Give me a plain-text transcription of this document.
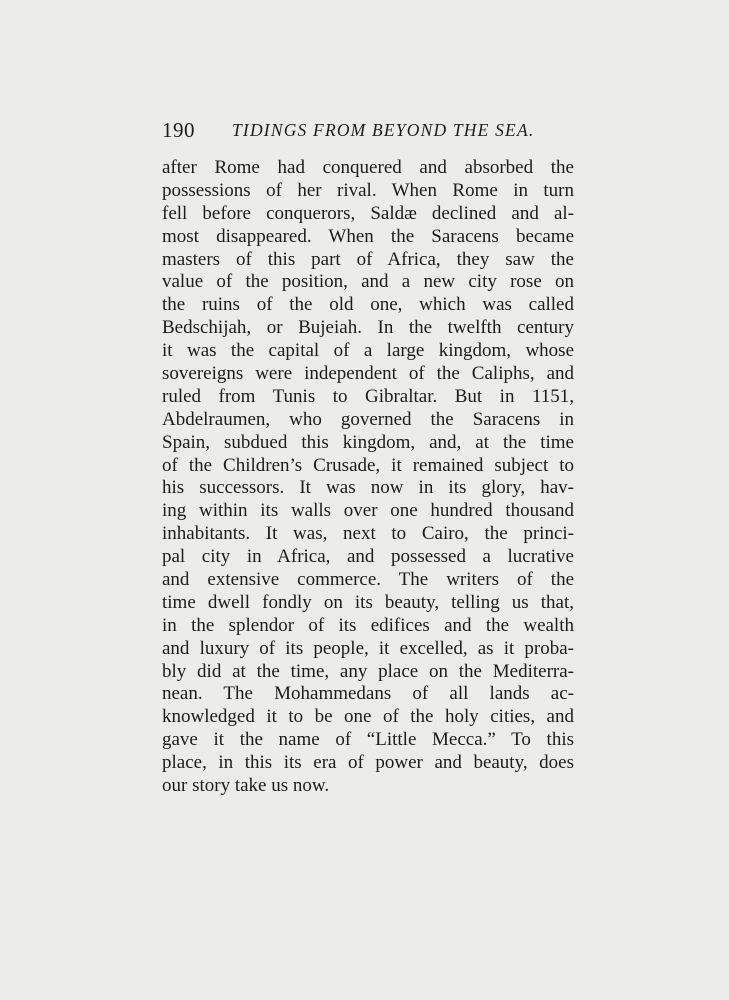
190 TIDINGS FROM BEYOND THE SEA.
after Rome had conquered and absorbed the
possessions of her rival. When Rome in turn
fell before conquerors, Saldæ declined and al-
most disappeared. When the Saracens became
masters of this part of Africa, they saw the
value of the position, and a new city rose on
the ruins of the old one, which was called
Bedschijah, or Bujeiah. In the twelfth century
it was the capital of a large kingdom, whose
sovereigns were independent of the Caliphs, and
ruled from Tunis to Gibraltar. But in 1151,
Abdelraumen, who governed the Saracens in
Spain, subdued this kingdom, and, at the time
of the Children’s Crusade, it remained subject to
his successors. It was now in its glory, hav-
ing within its walls over one hundred thousand
inhabitants. It was, next to Cairo, the princi-
pal city in Africa, and possessed a lucrative
and extensive commerce. The writers of the
time dwell fondly on its beauty, telling us that,
in the splendor of its edifices and the wealth
and luxury of its people, it excelled, as it proba-
bly did at the time, any place on the Mediterra-
nean. The Mohammedans of all lands ac-
knowledged it to be one of the holy cities, and
gave it the name of “Little Mecca.” To this
place, in this its era of power and beauty, does
our story take us now.
